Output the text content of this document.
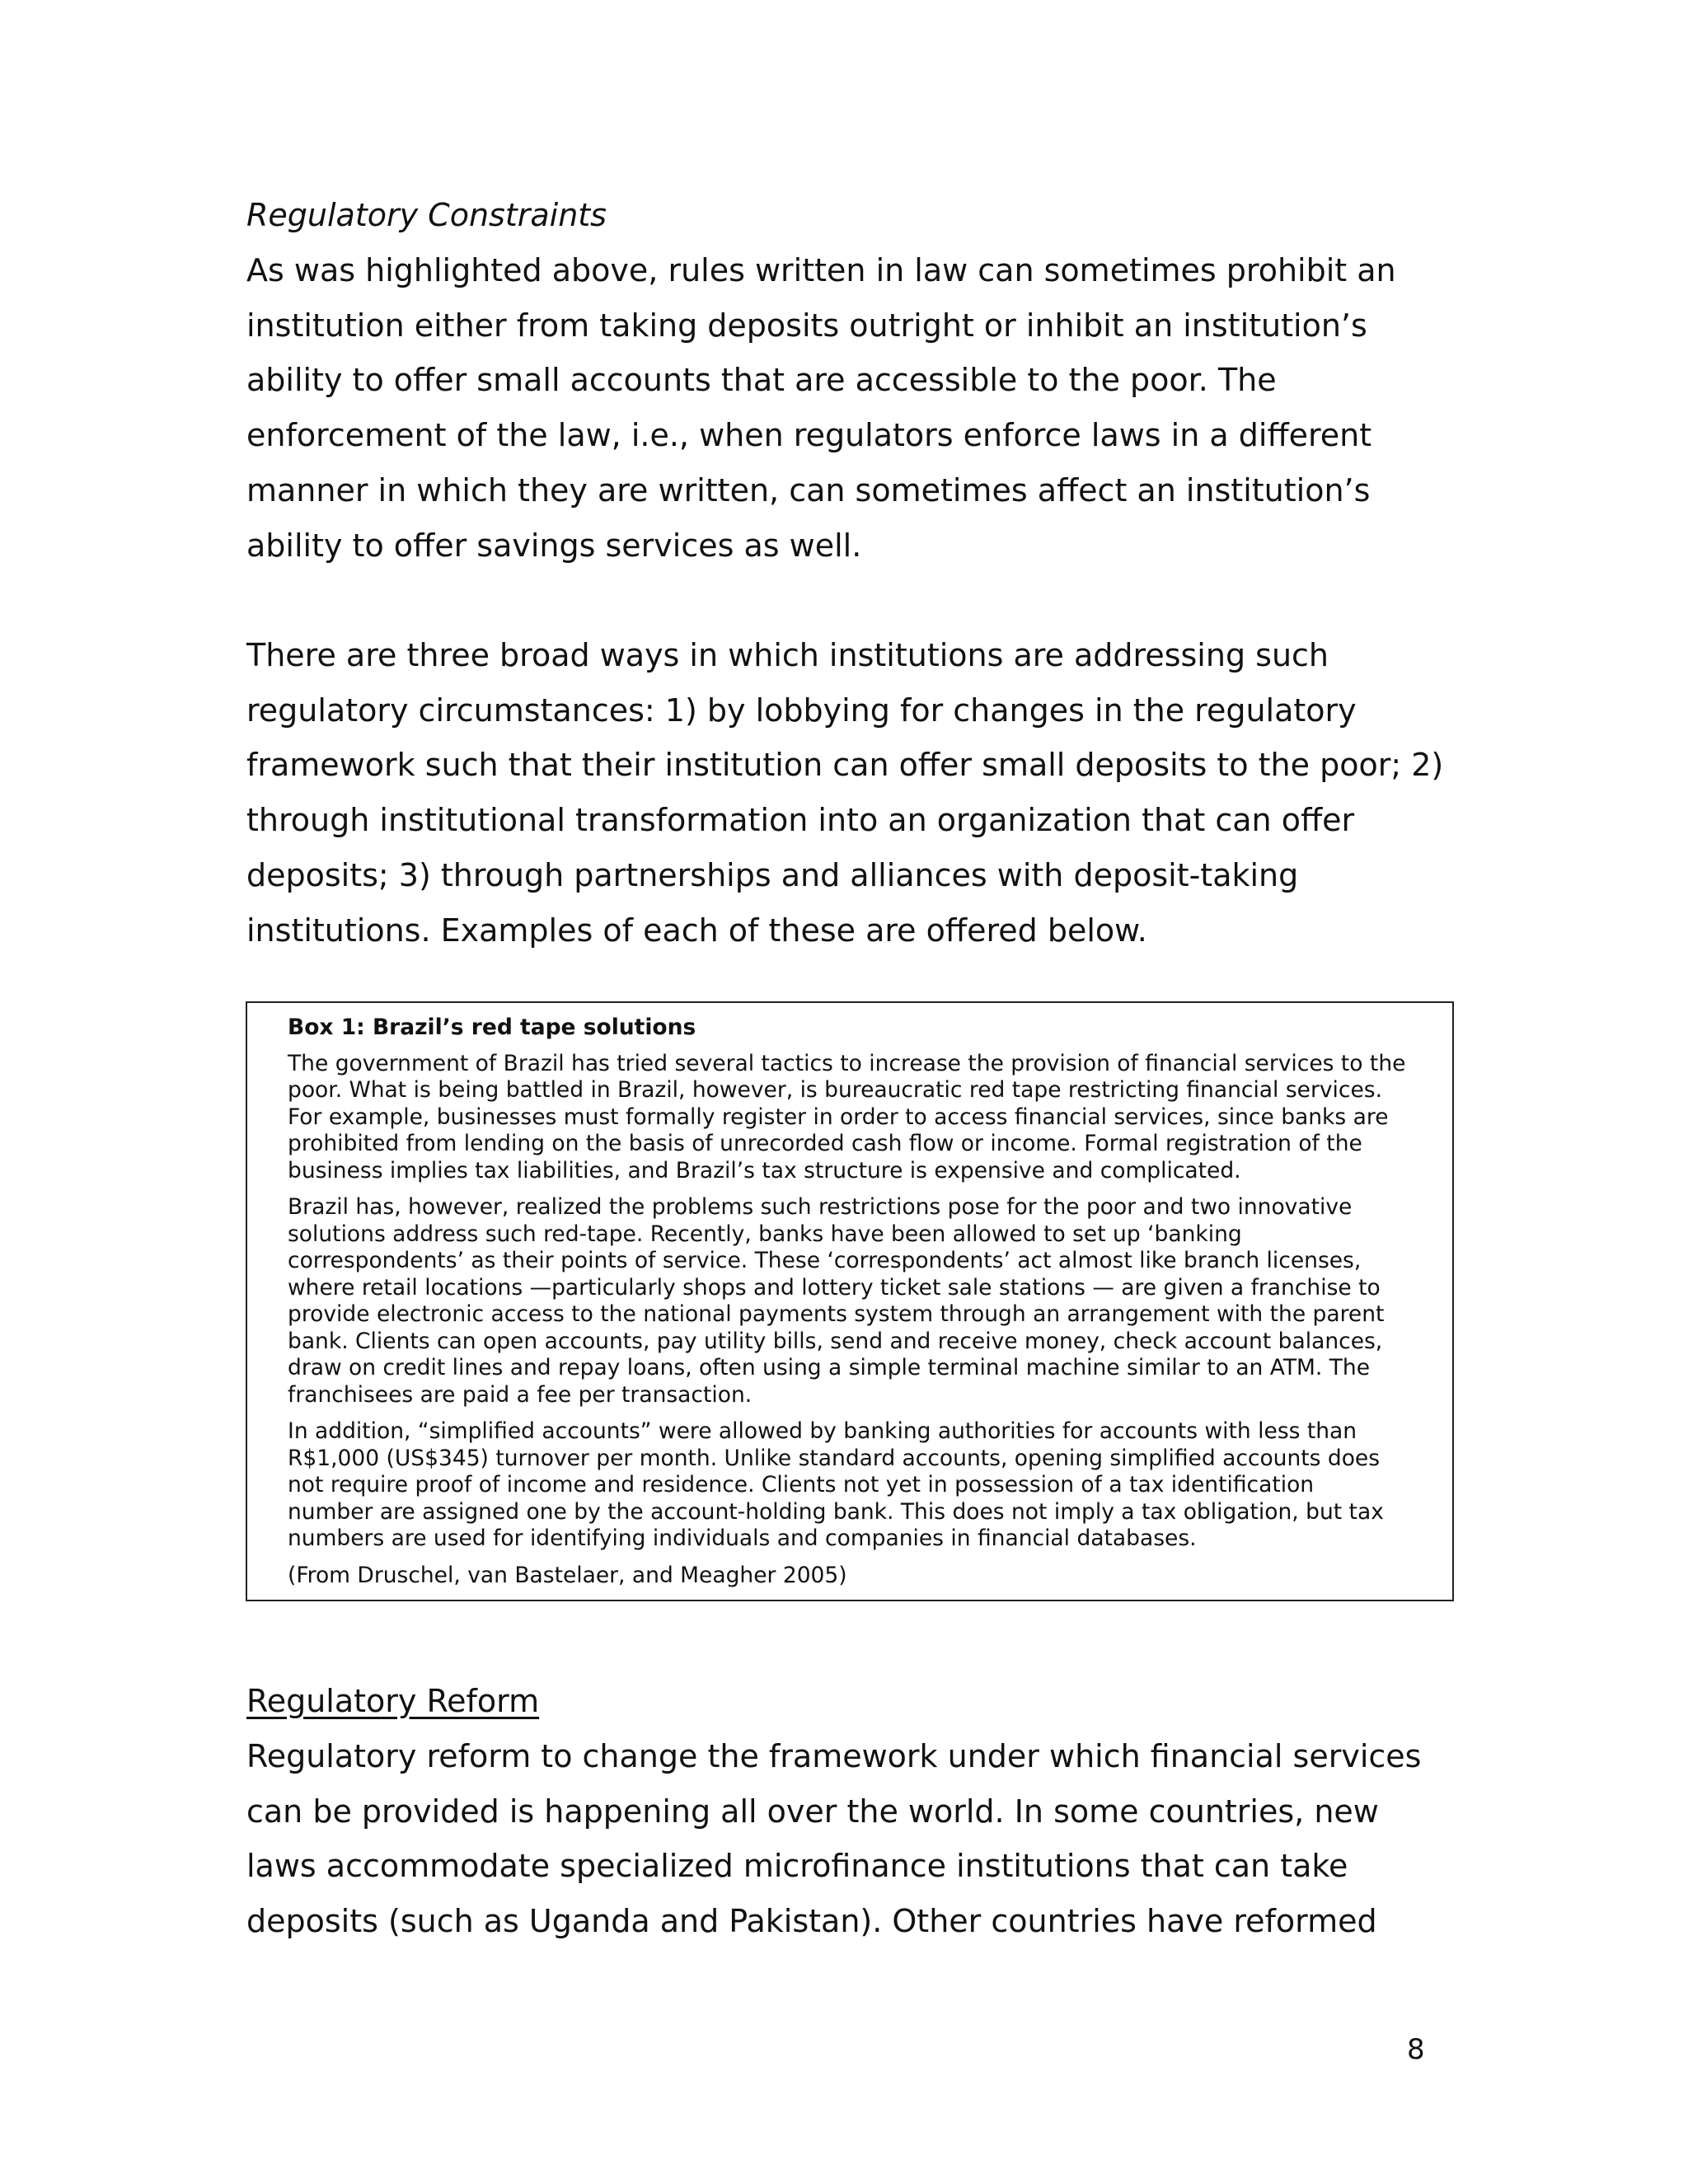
Regulatory Constraints
As was highlighted above, rules written in law can sometimes prohibit an
institution either from taking deposits outright or inhibit an institution’s
ability to offer small accounts that are accessible to the poor. The
enforcement of the law, i.e., when regulators enforce laws in a different
manner in which they are written, can sometimes affect an institution’s
ability to offer savings services as well.
There are three broad ways in which institutions are addressing such
regulatory circumstances: 1) by lobbying for changes in the regulatory
framework such that their institution can offer small deposits to the poor; 2)
through institutional transformation into an organization that can offer
deposits; 3) through partnerships and alliances with deposit-taking
institutions. Examples of each of these are offered below.
Box 1: Brazil’s red tape solutions
The government of Brazil has tried several tactics to increase the provision of financial services to the
poor. What is being battled in Brazil, however, is bureaucratic red tape restricting financial services.
For example, businesses must formally register in order to access financial services, since banks are
prohibited from lending on the basis of unrecorded cash flow or income. Formal registration of the
business implies tax liabilities, and Brazil’s tax structure is expensive and complicated.
Brazil has, however, realized the problems such restrictions pose for the poor and two innovative
solutions address such red-tape. Recently, banks have been allowed to set up ‘banking
correspondents’ as their points of service. These ‘correspondents’ act almost like branch licenses,
where retail locations —particularly shops and lottery ticket sale stations — are given a franchise to
provide electronic access to the national payments system through an arrangement with the parent
bank. Clients can open accounts, pay utility bills, send and receive money, check account balances,
draw on credit lines and repay loans, often using a simple terminal machine similar to an ATM. The
franchisees are paid a fee per transaction.
In addition, “simplified accounts” were allowed by banking authorities for accounts with less than
R$1,000 (US$345) turnover per month. Unlike standard accounts, opening simplified accounts does
not require proof of income and residence. Clients not yet in possession of a tax identification
number are assigned one by the account-holding bank. This does not imply a tax obligation, but tax
numbers are used for identifying individuals and companies in financial databases.
(From Druschel, van Bastelaer, and Meagher 2005)
Regulatory Reform
Regulatory reform to change the framework under which financial services
can be provided is happening all over the world. In some countries, new
laws accommodate specialized microfinance institutions that can take
deposits (such as Uganda and Pakistan). Other countries have reformed
8
